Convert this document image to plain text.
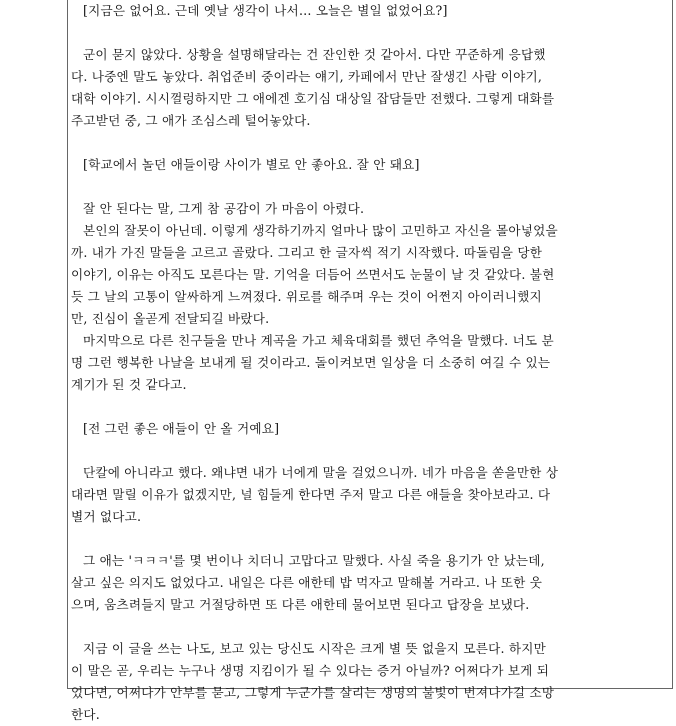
[지금은 없어요. 근데 옛날 생각이 나서… 오늘은 별일 없었어요?]

군이 묻지 않았다. 상황을 설명해달라는 건 잔인한 것 같아서. 다만 꾸준하게 응답했
다. 나중엔 말도 놓았다. 취업준비 중이라는 얘기, 카페에서 만난 잘생긴 사람 이야기,
대학 이야기. 시시껄렁하지만 그 애에겐 호기심 대상일 잡담들만 전했다. 그렇게 대화를
주고받던 중, 그 애가 조심스레 털어놓았다.

[학교에서 놀던 애들이랑 사이가 별로 안 좋아요. 잘 안 돼요]

잘 안 된다는 말, 그게 참 공감이 가 마음이 아렸다.
본인의 잘못이 아닌데. 이렇게 생각하기까지 얼마나 많이 고민하고 자신을 몰아넣었을
까. 내가 가진 말들을 고르고 골랐다. 그리고 한 글자씩 적기 시작했다. 따돌림을 당한
이야기, 이유는 아직도 모른다는 말. 기억을 더듬어 쓰면서도 눈물이 날 것 같았다. 불현
듯 그 날의 고통이 알싸하게 느껴졌다. 위로를 해주며 우는 것이 어쩐지 아이러니했지
만, 진심이 올곧게 전달되길 바랐다.
마지막으로 다른 친구들을 만나 계곡을 가고 체육대회를 했던 추억을 말했다. 너도 분
명 그런 행복한 나날을 보내게 될 것이라고. 돌이켜보면 일상을 더 소중히 여길 수 있는
계기가 된 것 같다고.

[전 그런 좋은 애들이 안 올 거예요]

단칼에 아니라고 했다. 왜냐면 내가 너에게 말을 걸었으니까. 네가 마음을 쏟을만한 상
대라면 말릴 이유가 없겠지만, 널 힘들게 한다면 주저 말고 다른 애들을 찾아보라고. 다
별거 없다고.

그 애는 'ㅋㅋㅋ'를 몇 번이나 치더니 고맙다고 말했다. 사실 죽을 용기가 안 났는데,
살고 싶은 의지도 없었다고. 내일은 다른 애한테 밥 먹자고 말해볼 거라고. 나 또한 웃
으며, 움츠려들지 말고 거절당하면 또 다른 애한테 물어보면 된다고 답장을 보냈다.

지금 이 글을 쓰는 나도, 보고 있는 당신도 시작은 크게 별 뜻 없을지 모른다. 하지만
이 말은 곧, 우리는 누구나 생명 지킴이가 될 수 있다는 증거 아닐까? 어쩌다가 보게 되
었다면, 어쩌다가 안부를 묻고, 그렇게 누군가를 살리는 생명의 불빛이 번져나가길 소망
한다.
